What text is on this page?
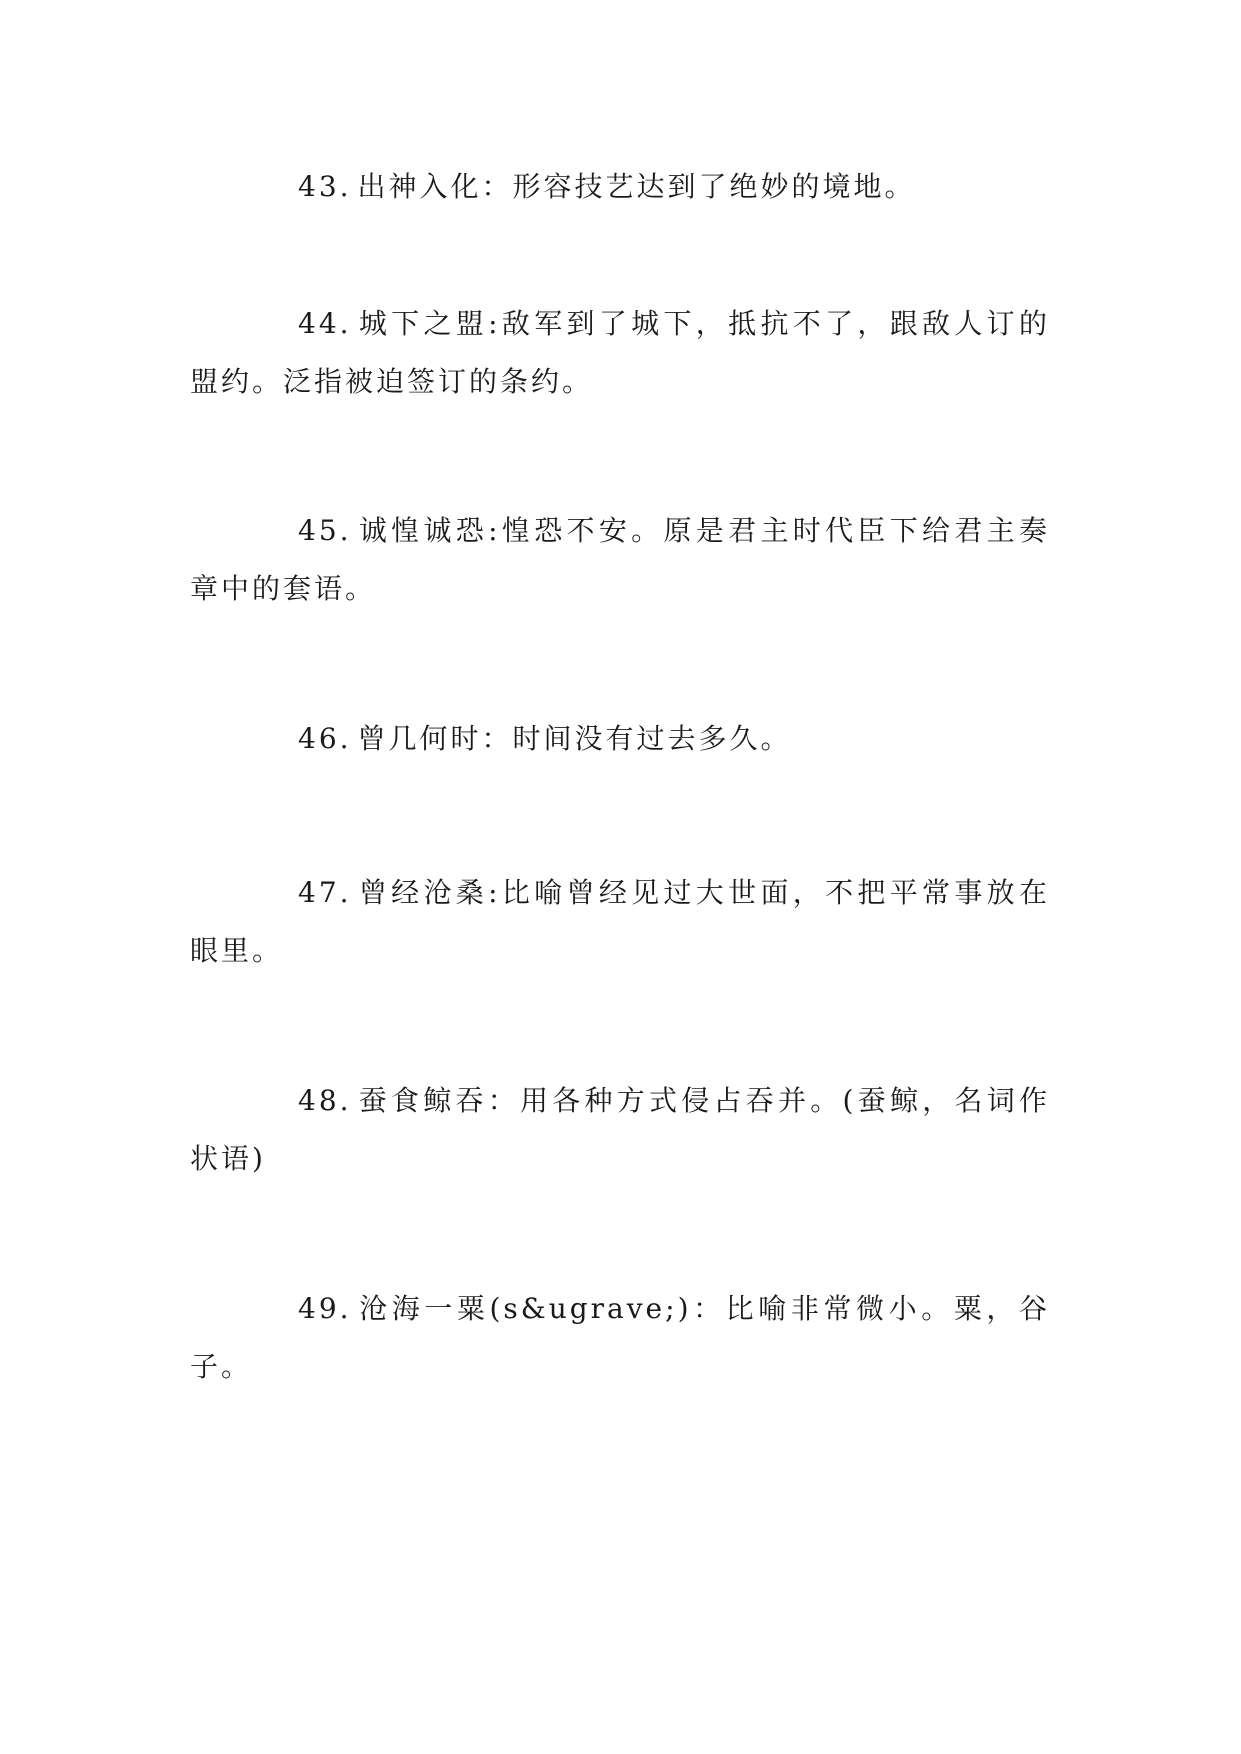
43. 出神入化：形容技艺达到了绝妙的境地。

44. 城下之盟:敌军到了城下，抵抗不了，跟敌人订的盟约。泛指被迫签订的条约。

45. 诚惶诚恐:惶恐不安。原是君主时代臣下给君主奏章中的套语。

46. 曾几何时：时间没有过去多久。

47. 曾经沧桑:比喻曾经见过大世面，不把平常事放在眼里。

48. 蚕食鲸吞：用各种方式侵占吞并。(蚕鲸，名词作状语)

49. 沧海一粟(s&ugrave;)：比喻非常微小。粟，谷子。
